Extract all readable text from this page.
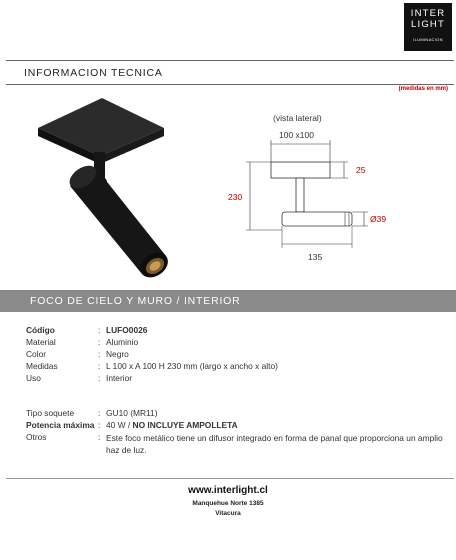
INTER
LIGHT
ILUMINACION
INFORMACION TECNICA
(medidas en mm)
(vista lateral)
100 x100
25
230
Ø39
135
FOCO DE CIELO Y MURO / INTERIOR
Código	: LUFO0026
Material	: Aluminio
Color	: Negro
Medidas	: L 100 x A 100 H 230 mm (largo x ancho x alto)
Uso	: Interior
Tipo soquete	: GU10 (MR11)
Potencia máxima : 40 W / NO INCLUYE AMPOLLETA
Otros	: Este foco metálico tiene un difusor integrado en forma de panal que proporciona un amplio haz de luz.
www.interlight.cl
Manquehue Norte 1385
Vitacura
